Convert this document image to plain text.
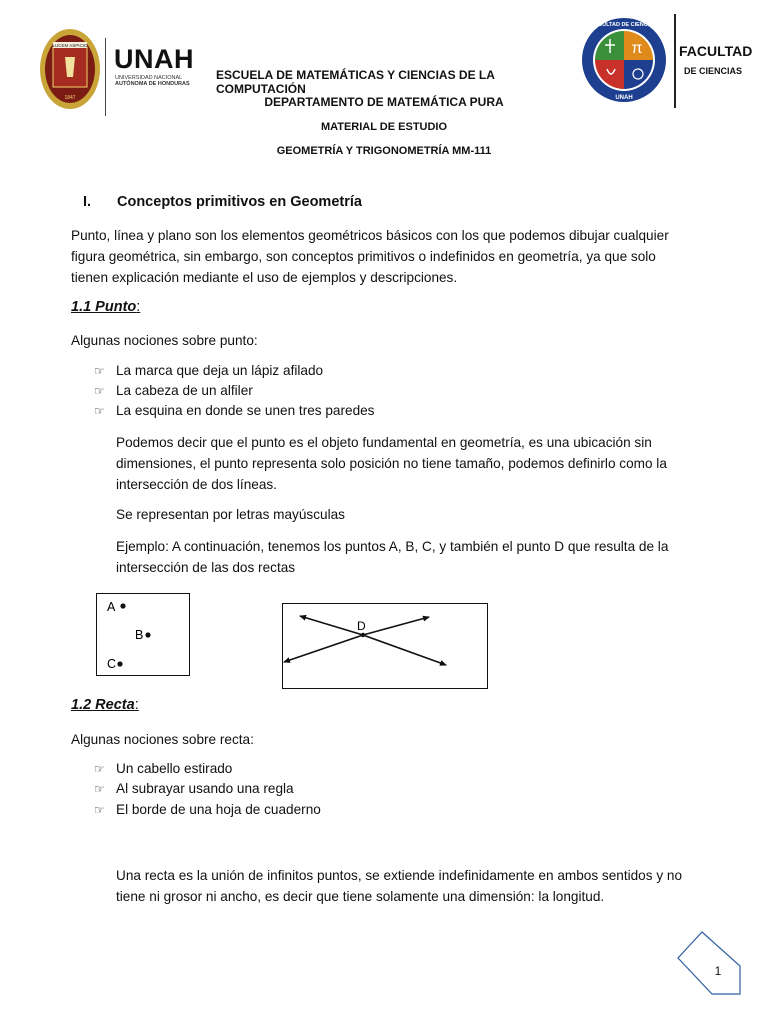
LUCEM ASPICIO
1847
UNAH
UNIVERSIDAD NACIONAL
AUTÓNOMA DE HONDURAS
ESCUELA DE MATEMÁTICAS Y CIENCIAS DE LA COMPUTACIÓN
DEPARTAMENTO DE MATEMÁTICA PURA
MATERIAL DE ESTUDIO
GEOMETRÍA Y TRIGONOMETRÍA MM-111
π
FACULTAD DE CIENCIAS
UNAH
FACULTAD
DE CIENCIAS
I. Conceptos primitivos en Geometría
Punto, línea y plano son los elementos geométricos básicos con los que podemos dibujar cualquier figura geométrica, sin embargo, son conceptos primitivos o indefinidos en geometría, ya que solo tienen explicación mediante el uso de ejemplos y descripciones.
1.1 Punto:
Algunas nociones sobre punto:
☞ La marca que deja un lápiz afilado
☞ La cabeza de un alfiler
☞ La esquina en donde se unen tres paredes
Podemos decir que el punto es el objeto fundamental en geometría, es una ubicación sin dimensiones, el punto representa solo posición no tiene tamaño, podemos definirlo como la intersección de dos líneas.
Se representan por letras mayúsculas
Ejemplo: A continuación, tenemos los puntos A, B, C, y también el punto D que resulta de la intersección de las dos rectas
A
B
C
D
1.2 Recta:
Algunas nociones sobre recta:
☞ Un cabello estirado
☞ Al subrayar usando una regla
☞ El borde de una hoja de cuaderno
Una recta es la unión de infinitos puntos, se extiende indefinidamente en ambos sentidos y no tiene ni grosor ni ancho, es decir que tiene solamente una dimensión: la longitud.
1
